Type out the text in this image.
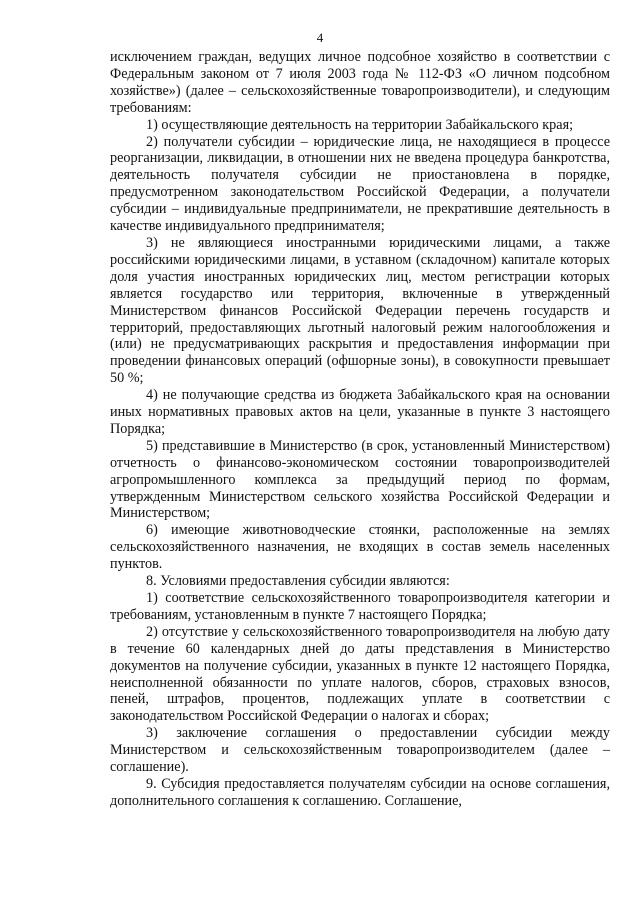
4

исключением граждан, ведущих личное подсобное хозяйство в соответствии с Федеральным законом от 7 июля 2003 года № 112-ФЗ «О личном подсобном хозяйстве») (далее – сельскохозяйственные товаропроизводители), и следующим требованиям:

1) осуществляющие деятельность на территории Забайкальского края;

2) получатели субсидии – юридические лица, не находящиеся в процессе реорганизации, ликвидации, в отношении них не введена процедура банкротства, деятельность получателя субсидии не приостановлена в порядке, предусмотренном законодательством Российской Федерации, а получатели субсидии – индивидуальные предприниматели, не прекратившие деятельность в качестве индивидуального предпринимателя;

3) не являющиеся иностранными юридическими лицами, а также российскими юридическими лицами, в уставном (складочном) капитале которых доля участия иностранных юридических лиц, местом регистрации которых является государство или территория, включенные в утвержденный Министерством финансов Российской Федерации перечень государств и территорий, предоставляющих льготный налоговый режим налогообложения и (или) не предусматривающих раскрытия и предоставления информации при проведении финансовых операций (офшорные зоны), в совокупности превышает 50 %;

4) не получающие средства из бюджета Забайкальского края на основании иных нормативных правовых актов на цели, указанные в пункте 3 настоящего Порядка;

5) представившие в Министерство (в срок, установленный Министерством) отчетность о финансово-экономическом состоянии товаропроизводителей агропромышленного комплекса за предыдущий период по формам, утвержденным Министерством сельского хозяйства Российской Федерации и Министерством;

6) имеющие животноводческие стоянки, расположенные на землях сельскохозяйственного назначения, не входящих в состав земель населенных пунктов.

8. Условиями предоставления субсидии являются:

1) соответствие сельскохозяйственного товаропроизводителя категории и требованиям, установленным в пункте 7 настоящего Порядка;

2) отсутствие у сельскохозяйственного товаропроизводителя на любую дату в течение 60 календарных дней до даты представления в Министерство документов на получение субсидии, указанных в пункте 12 настоящего Порядка, неисполненной обязанности по уплате налогов, сборов, страховых взносов, пеней, штрафов, процентов, подлежащих уплате в соответствии с законодательством Российской Федерации о налогах и сборах;

3) заключение соглашения о предоставлении субсидии между Министерством и сельскохозяйственным товаропроизводителем (далее – соглашение).

9. Субсидия предоставляется получателям субсидии на основе соглашения, дополнительного соглашения к соглашению. Соглашение,
